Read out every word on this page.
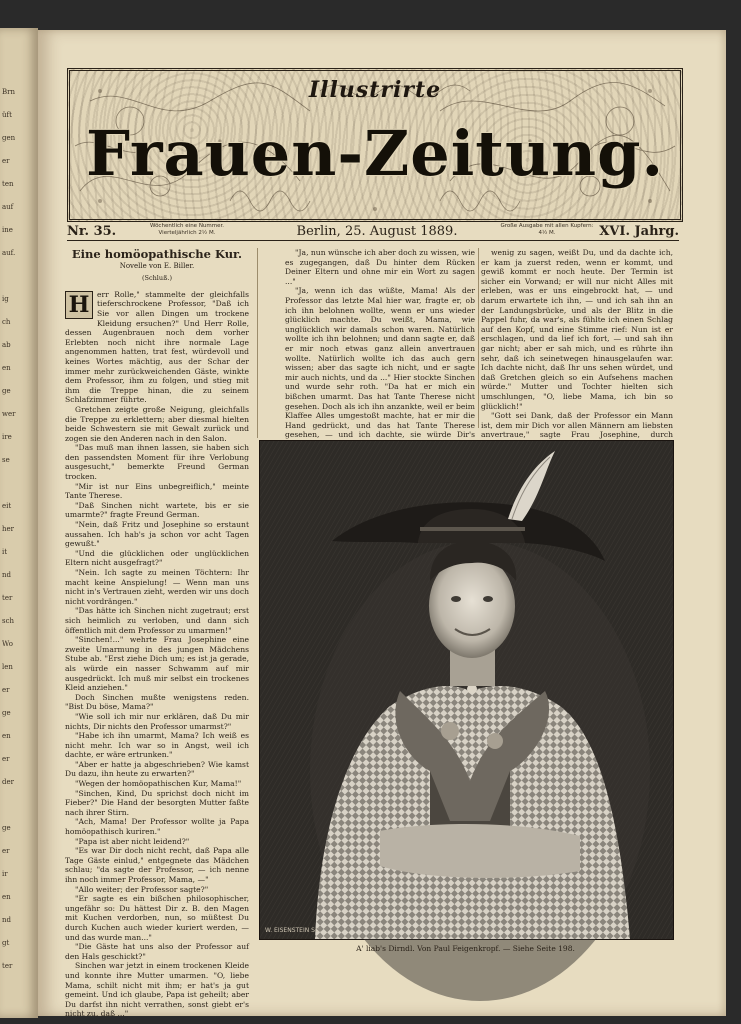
Brn
üft
gen
er
ten
auf
ine
auf.
ig
ch
ab
en
ge
wer
ire
se
eit
her
it
nd
ter
sch
Wo
len
er
ge
en
er
der
ge
er
ir
en
nd
gt
ter
Illustrirte
Frauen-Zeitung.
Nr. 35.	Wöchentlich eine Nummer. Vierteljährlich 2½ M.	Berlin, 25. August 1889.	Große Ausgabe mit allen Kupfern: 4½ M.	XVI. Jahrg.
Eine homöopathische Kur.
Novelle von E. Biller.
(Schluß.)

H	err Rolle," stammelte der gleichfalls tieferschrockene Professor, "Daß ich Sie vor allen Dingen um trockene Kleidung ersuchen?" Und Herr Rolle, dessen Augenbrauen noch dem vorher Erlebten noch nicht ihre normale Lage angenommen hatten, trat fest, würdevoll und keines Wortes mächtig, aus der Schar der immer mehr zurückweichenden Gäste, winkte dem Professor, ihm zu folgen, und stieg mit ihm die Treppe hinan, die zu seinem Schlafzimmer führte.

Gretchen zeigte große Neigung, gleichfalls die Treppe zu erklettern; aber diesmal hielten beide Schwestern sie mit Gewalt zurück und zogen sie den Anderen nach in den Salon.

"Das muß man ihnen lassen, sie haben sich den passendsten Moment für ihre Verlobung ausgesucht," bemerkte Freund German trocken.

"Mir ist nur Eins unbegreiflich," meinte Tante Therese.

"Daß Sinchen nicht wartete, bis er sie umarmte?" fragte Freund German.

"Nein, daß Fritz und Josephine so erstaunt aussahen. Ich hab's ja schon vor acht Tagen gewußt."

"Und die glücklichen oder unglücklichen Eltern nicht ausgefragt?"

"Nein. Ich sagte zu meinen Töchtern: Ihr macht keine Anspielung! — Wenn man uns nicht in's Vertrauen zieht, werden wir uns doch nicht vordrängen."

"Das hätte ich Sinchen nicht zugetraut; erst sich heimlich zu verloben, und dann sich öffentlich mit dem Professor zu umarmen!"

"Sinchen!..." wehrte Frau Josephine eine zweite Umarmung in des jungen Mädchens Stube ab. "Erst ziehe Dich um; es ist ja gerade, als würde ein nasser Schwamm auf mir ausgedrückt. Ich muß mir selbst ein trockenes Kleid anziehen."

Doch Sinchen mußte wenigstens reden. "Bist Du böse, Mama?"

"Wie soll ich mir nur erklären, daß Du mir nichts, Dir nichts den Professor umarmst?"

"Habe ich ihn umarmt, Mama? Ich weiß es nicht mehr. Ich war so in Angst, weil ich dachte, er wäre ertrunken."

"Aber er hatte ja abgeschrieben? Wie kamst Du dazu, ihn heute zu erwarten?"

"Wegen der homöopathischen Kur, Mama!"

"Sinchen, Kind, Du sprichst doch nicht im Fieber?" Die Hand der besorgten Mutter faßte nach ihrer Stirn.

"Ach, Mama! Der Professor wollte ja Papa homöopathisch kuriren."

"Papa ist aber nicht leidend?"

"Es war Dir doch nicht recht, daß Papa alle Tage Gäste einlud," entgegnete das Mädchen schlau; "da sagte der Professor, — ich nenne ihn noch immer Professor, Mama, —"

"Allo weiter; der Professor sagte?"

"Er sagte es ein bißchen philosophischer, ungefähr so: Du hättest Dir z. B. den Magen mit Kuchen verdorben, nun, so müßtest Du durch Kuchen auch wieder kuriert werden, — und das wurde man..."

"Die Gäste hat uns also der Professor auf den Hals geschickt?"

Sinchen war jetzt in einem trockenen Kleide und konnte ihre Mutter umarmen. "O, liebe Mama, schilt nicht mit ihm; er hat's ja gut gemeint. Und ich glaube, Papa ist geheilt; aber Du darfst ihn nicht verrathen, sonst giebt er's nicht zu, daß ..."

"Ja, nun wünsche ich aber doch zu wissen, wie es zugegangen, daß Du hinter dem Rücken Deiner Eltern und ohne mir ein Wort zu sagen ..."

"Ja, wenn ich das wüßte, Mama! Als der Professor das letzte Mal hier war, fragte er, ob ich ihn belohnen wollte, wenn er uns wieder glücklich machte. Du weißt, Mama, wie unglücklich wir damals schon waren. Natürlich wollte ich ihn belohnen; und dann sagte er, daß er mir noch etwas ganz allein anvertrauen wollte. Natürlich wollte ich das auch gern wissen; aber das sagte ich nicht, und er sagte mir auch nichts, und da ..." Hier stockte Sinchen und wurde sehr roth. "Da hat er mich ein bißchen umarmt. Das hat Tante Therese nicht gesehen. Doch als ich ihn anzankte, weil er beim Klaffee Alles umgestoßt machte, hat er mir die Hand gedrückt, und das hat Tante Therese gesehen, — und ich dachte, sie würde Dir's

wenig zu sagen, weißt Du, und da dachte ich, er kam ja zuerst reden, wenn er kommt, und gewiß kommt er noch heute. Der Termin ist sicher ein Vorwand; er will nur nicht Alles mit erleben, was er uns eingebrockt hat, — und darum erwartete ich ihn, — und ich sah ihn an der Landungsbrücke, und als der Blitz in die Pappel fuhr, da war's, als fühlte ich einen Schlag auf den Kopf, und eine Stimme rief: Nun ist er erschlagen, und da lief ich fort, — und sah ihn gar nicht; aber er sah mich, und es rührte ihn sehr, daß ich seinetwegen hinausgelaufen war. Ich dachte nicht, daß Ihr uns sehen würdet, und daß Gretchen gleich so ein Aufsehens machen würde." Mutter und Tochter hielten sich umschlungen, "O, liebe Mama, ich bin so glücklich!"

"Gott sei Dank, daß der Professor ein Mann ist, dem mir Dich vor allen Männern am liebsten anvertraue," sagte Frau Josephine, durch

W. EISENSTEIN SC.
A' liab's Dirndl. Von Paul Feigenkropf. — Siehe Seite 198.
